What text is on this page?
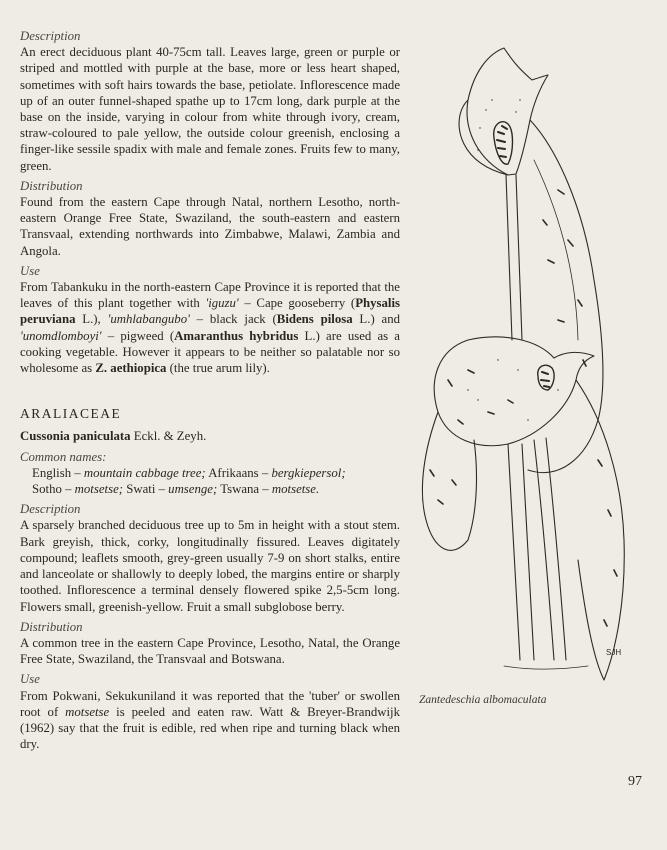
Description
An erect deciduous plant 40-75cm tall. Leaves large, green or purple or striped and mottled with purple at the base, more or less heart shaped, sometimes with soft hairs towards the base, petiolate. Inflorescence made up of an outer funnel-shaped spathe up to 17cm long, dark purple at the base on the inside, varying in colour from white through ivory, cream, straw-coloured to pale yellow, the outside colour greenish, enclosing a finger-like sessile spadix with male and female zones. Fruits few to many, green.
Distribution
Found from the eastern Cape through Natal, northern Lesotho, north-eastern Orange Free State, Swaziland, the south-eastern and eastern Transvaal, extending northwards into Zimbabwe, Malawi, Zambia and Angola.
Use
From Tabankuku in the north-eastern Cape Province it is reported that the leaves of this plant together with 'iguzu' – Cape gooseberry (Physalis peruviana L.), 'umhlabangubo' – black jack (Bidens pilosa L.) and 'unomdlomboyi' – pigweed (Amaranthus hybridus L.) are used as a cooking vegetable. However it appears to be neither so palatable nor so wholesome as Z. aethiopica (the true arum lily).
ARALIACEAE
Cussonia paniculata Eckl. & Zeyh.
Common names:
English – mountain cabbage tree; Afrikaans – bergkiepersol;
Sotho – motsetse; Swati – umsenge; Tswana – motsetse.
Description
A sparsely branched deciduous tree up to 5m in height with a stout stem. Bark greyish, thick, corky, longitudinally fissured. Leaves digitately compound; leaflets smooth, grey-green usually 7-9 on short stalks, entire and lanceolate or shallowly to deeply lobed, the margins entire or sharply toothed. Inflorescence a terminal densely flowered spike 2,5-5cm long. Flowers small, greenish-yellow. Fruit a small subglobose berry.
Distribution
A common tree in the eastern Cape Province, Lesotho, Natal, the Orange Free State, Swaziland, the Transvaal and Botswana.
Use
From Pokwani, Sekukuniland it was reported that the 'tuber' or swollen root of motsetse is peeled and eaten raw. Watt & Breyer-Brandwijk (1962) say that the fruit is edible, red when ripe and turning black when dry.
SJH
Zantedeschia albomaculata
97
